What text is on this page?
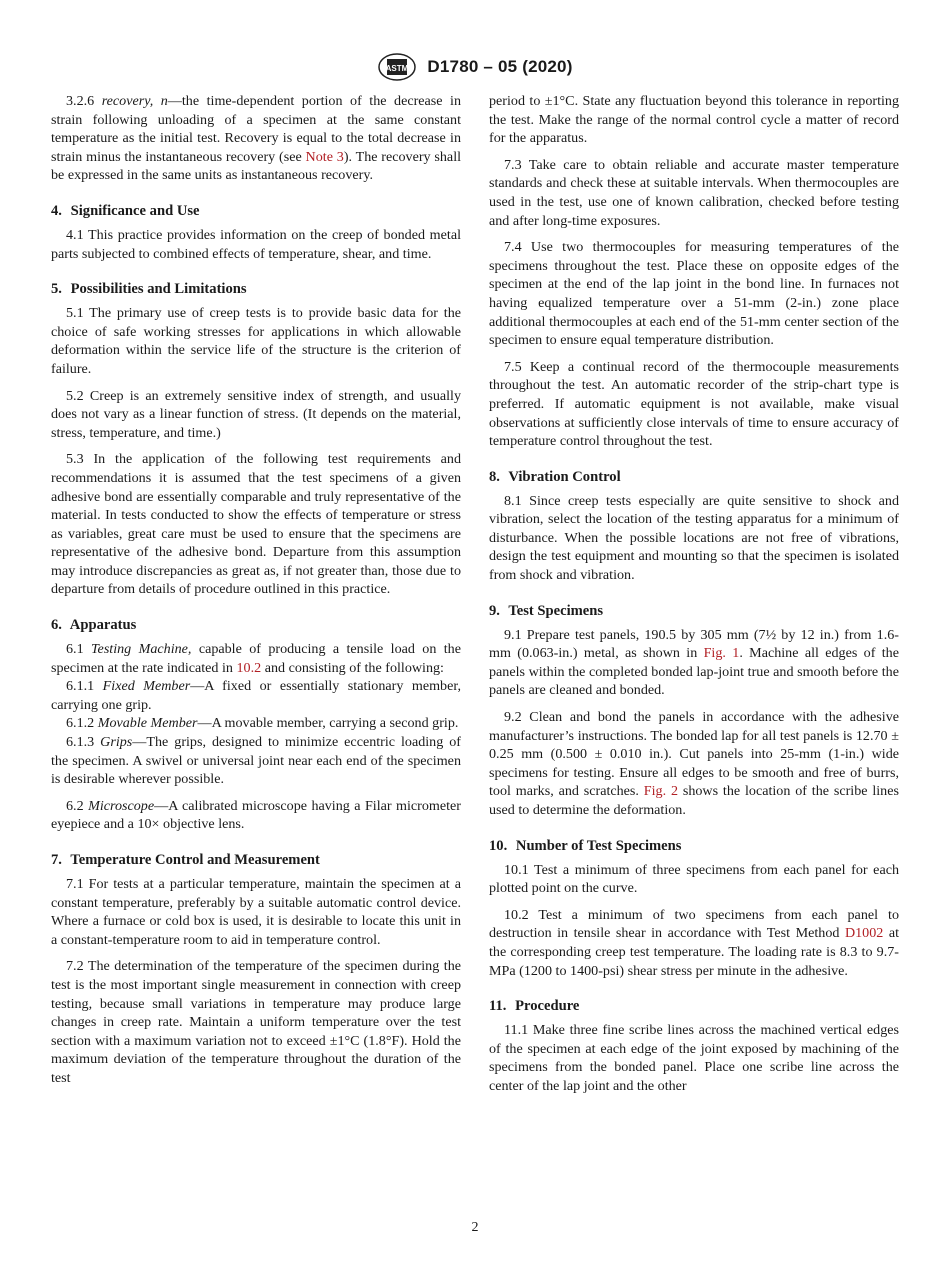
ASTM D1780 – 05 (2020)

3.2.6 recovery, n—the time-dependent portion of the decrease in strain following unloading of a specimen at the same constant temperature as the initial test. Recovery is equal to the total decrease in strain minus the instantaneous recovery (see Note 3). The recovery shall be expressed in the same units as instantaneous recovery.

4. Significance and Use

4.1 This practice provides information on the creep of bonded metal parts subjected to combined effects of temperature, shear, and time.

5. Possibilities and Limitations

5.1 The primary use of creep tests is to provide basic data for the choice of safe working stresses for applications in which allowable deformation within the service life of the structure is the criterion of failure.

5.2 Creep is an extremely sensitive index of strength, and usually does not vary as a linear function of stress. (It depends on the material, stress, temperature, and time.)

5.3 In the application of the following test requirements and recommendations it is assumed that the test specimens of a given adhesive bond are essentially comparable and truly representative of the material. In tests conducted to show the effects of temperature or stress as variables, great care must be used to ensure that the specimens are representative of the adhesive bond. Departure from this assumption may introduce discrepancies as great as, if not greater than, those due to departure from details of procedure outlined in this practice.

6. Apparatus

6.1 Testing Machine, capable of producing a tensile load on the specimen at the rate indicated in 10.2 and consisting of the following:

6.1.1 Fixed Member—A fixed or essentially stationary member, carrying one grip.

6.1.2 Movable Member—A movable member, carrying a second grip.

6.1.3 Grips—The grips, designed to minimize eccentric loading of the specimen. A swivel or universal joint near each end of the specimen is desirable wherever possible.

6.2 Microscope—A calibrated microscope having a Filar micrometer eyepiece and a 10× objective lens.

7. Temperature Control and Measurement

7.1 For tests at a particular temperature, maintain the specimen at a constant temperature, preferably by a suitable automatic control device. Where a furnace or cold box is used, it is desirable to locate this unit in a constant-temperature room to aid in temperature control.

7.2 The determination of the temperature of the specimen during the test is the most important single measurement in connection with creep testing, because small variations in temperature may produce large changes in creep rate. Maintain a uniform temperature over the test section with a maximum variation not to exceed ±1°C (1.8°F). Hold the maximum deviation of the temperature throughout the duration of the test

period to ±1°C. State any fluctuation beyond this tolerance in reporting the test. Make the range of the normal control cycle a matter of record for the apparatus.

7.3 Take care to obtain reliable and accurate master temperature standards and check these at suitable intervals. When thermocouples are used in the test, use one of known calibration, checked before testing and after long-time exposures.

7.4 Use two thermocouples for measuring temperatures of the specimens throughout the test. Place these on opposite edges of the specimen at the end of the lap joint in the bond line. In furnaces not having equalized temperature over a 51-mm (2-in.) zone place additional thermocouples at each end of the 51-mm center section of the specimen to ensure equal temperature distribution.

7.5 Keep a continual record of the thermocouple measurements throughout the test. An automatic recorder of the strip-chart type is preferred. If automatic equipment is not available, make visual observations at sufficiently close intervals of time to ensure accuracy of temperature control throughout the test.

8. Vibration Control

8.1 Since creep tests especially are quite sensitive to shock and vibration, select the location of the testing apparatus for a minimum of disturbance. When the possible locations are not free of vibrations, design the test equipment and mounting so that the specimen is isolated from shock and vibration.

9. Test Specimens

9.1 Prepare test panels, 190.5 by 305 mm (7½ by 12 in.) from 1.6-mm (0.063-in.) metal, as shown in Fig. 1. Machine all edges of the panels within the completed bonded lap-joint true and smooth before the panels are cleaned and bonded.

9.2 Clean and bond the panels in accordance with the adhesive manufacturer’s instructions. The bonded lap for all test panels is 12.70 ± 0.25 mm (0.500 ± 0.010 in.). Cut panels into 25-mm (1-in.) wide specimens for testing. Ensure all edges to be smooth and free of burrs, tool marks, and scratches. Fig. 2 shows the location of the scribe lines used to determine the deformation.

10. Number of Test Specimens

10.1 Test a minimum of three specimens from each panel for each plotted point on the curve.

10.2 Test a minimum of two specimens from each panel to destruction in tensile shear in accordance with Test Method D1002 at the corresponding creep test temperature. The loading rate is 8.3 to 9.7-MPa (1200 to 1400-psi) shear stress per minute in the adhesive.

11. Procedure

11.1 Make three fine scribe lines across the machined vertical edges of the specimen at each edge of the joint exposed by machining of the specimens from the bonded panel. Place one scribe line across the center of the lap joint and the other

2
